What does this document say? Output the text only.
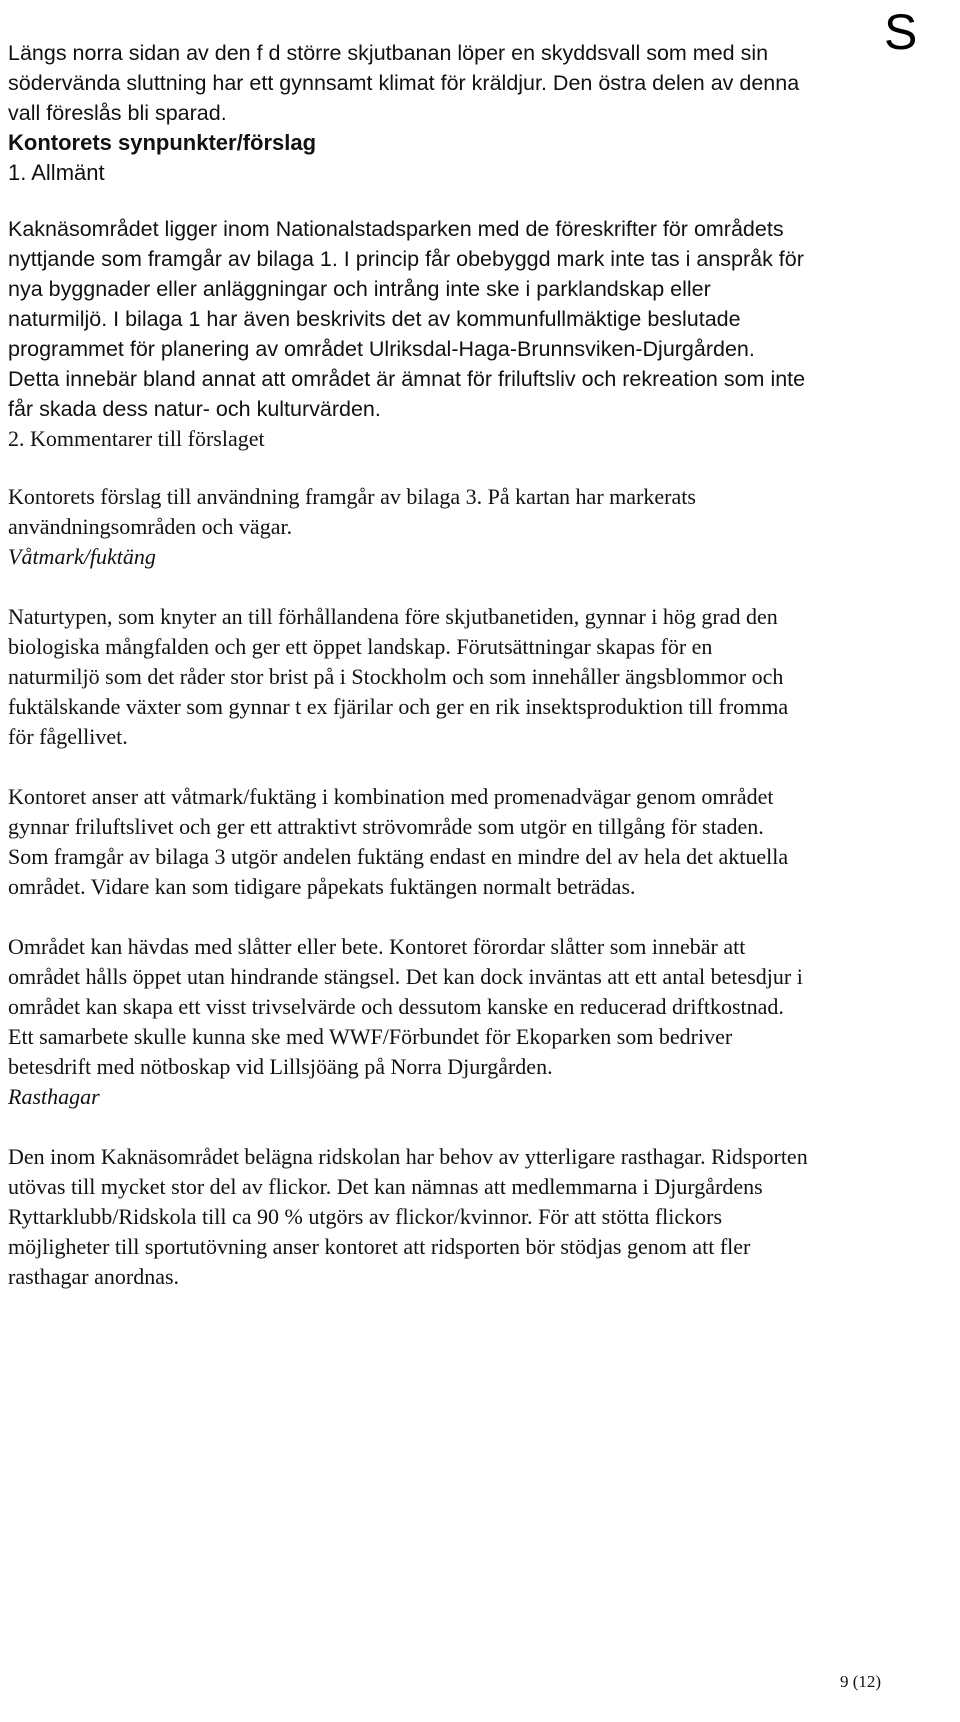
S

Längs norra sidan av den f d större skjutbanan löper en skyddsvall som med sin södervända sluttning har ett gynnsamt klimat för kräldjur. Den östra delen av denna vall föreslås bli sparad.

Kontorets synpunkter/förslag
1. Allmänt

Kaknäsområdet ligger inom Nationalstadsparken med de föreskrifter för områdets nyttjande som framgår av bilaga 1. I princip får obebyggd mark inte tas i anspråk för nya byggnader eller anläggningar och intrång inte ske i parklandskap eller naturmiljö. I bilaga 1 har även beskrivits det av kommunfullmäktige beslutade programmet för planering av området Ulriksdal-Haga-Brunnsviken-Djurgården. Detta innebär bland annat att området är ämnat för friluftsliv och rekreation som inte får skada dess natur- och kulturvärden.

2. Kommentarer till förslaget

Kontorets förslag till användning framgår av bilaga 3. På kartan har markerats användningsområden och vägar.

Våtmark/fuktäng

Naturtypen, som knyter an till förhållandena före skjutbanetiden, gynnar i hög grad den biologiska mångfalden och ger ett öppet landskap. Förutsättningar skapas för en naturmiljö som det råder stor brist på i Stockholm och som innehåller ängsblommor och fuktälskande växter som gynnar t ex fjärilar och ger en rik insektsproduktion till fromma för fågellivet.

Kontoret anser att våtmark/fuktäng i kombination med promenadvägar genom området gynnar friluftslivet och ger ett attraktivt strövområde som utgör en tillgång för staden. Som framgår av bilaga 3 utgör andelen fuktäng endast en mindre del av hela det aktuella området. Vidare kan som tidigare påpekats fuktängen normalt beträdas.

Området kan hävdas med slåtter eller bete. Kontoret förordar slåtter som innebär att området hålls öppet utan hindrande stängsel. Det kan dock inväntas att ett antal betesdjur i området kan skapa ett visst trivselvärde och dessutom kanske en reducerad driftkostnad. Ett samarbete skulle kunna ske med WWF/Förbundet för Ekoparken som bedriver betesdrift med nötboskap vid Lillsjöäng på Norra Djurgården.

Rasthagar

Den inom Kaknäsområdet belägna ridskolan har behov av ytterligare rasthagar. Ridsporten utövas till mycket stor del av flickor. Det kan nämnas att medlemmarna i Djurgårdens Ryttarklubb/Ridskola till ca 90 % utgörs av flickor/kvinnor. För att stötta flickors möjligheter till sportutövning anser kontoret att ridsporten bör stödjas genom att fler rasthagar anordnas.

9 (12)
